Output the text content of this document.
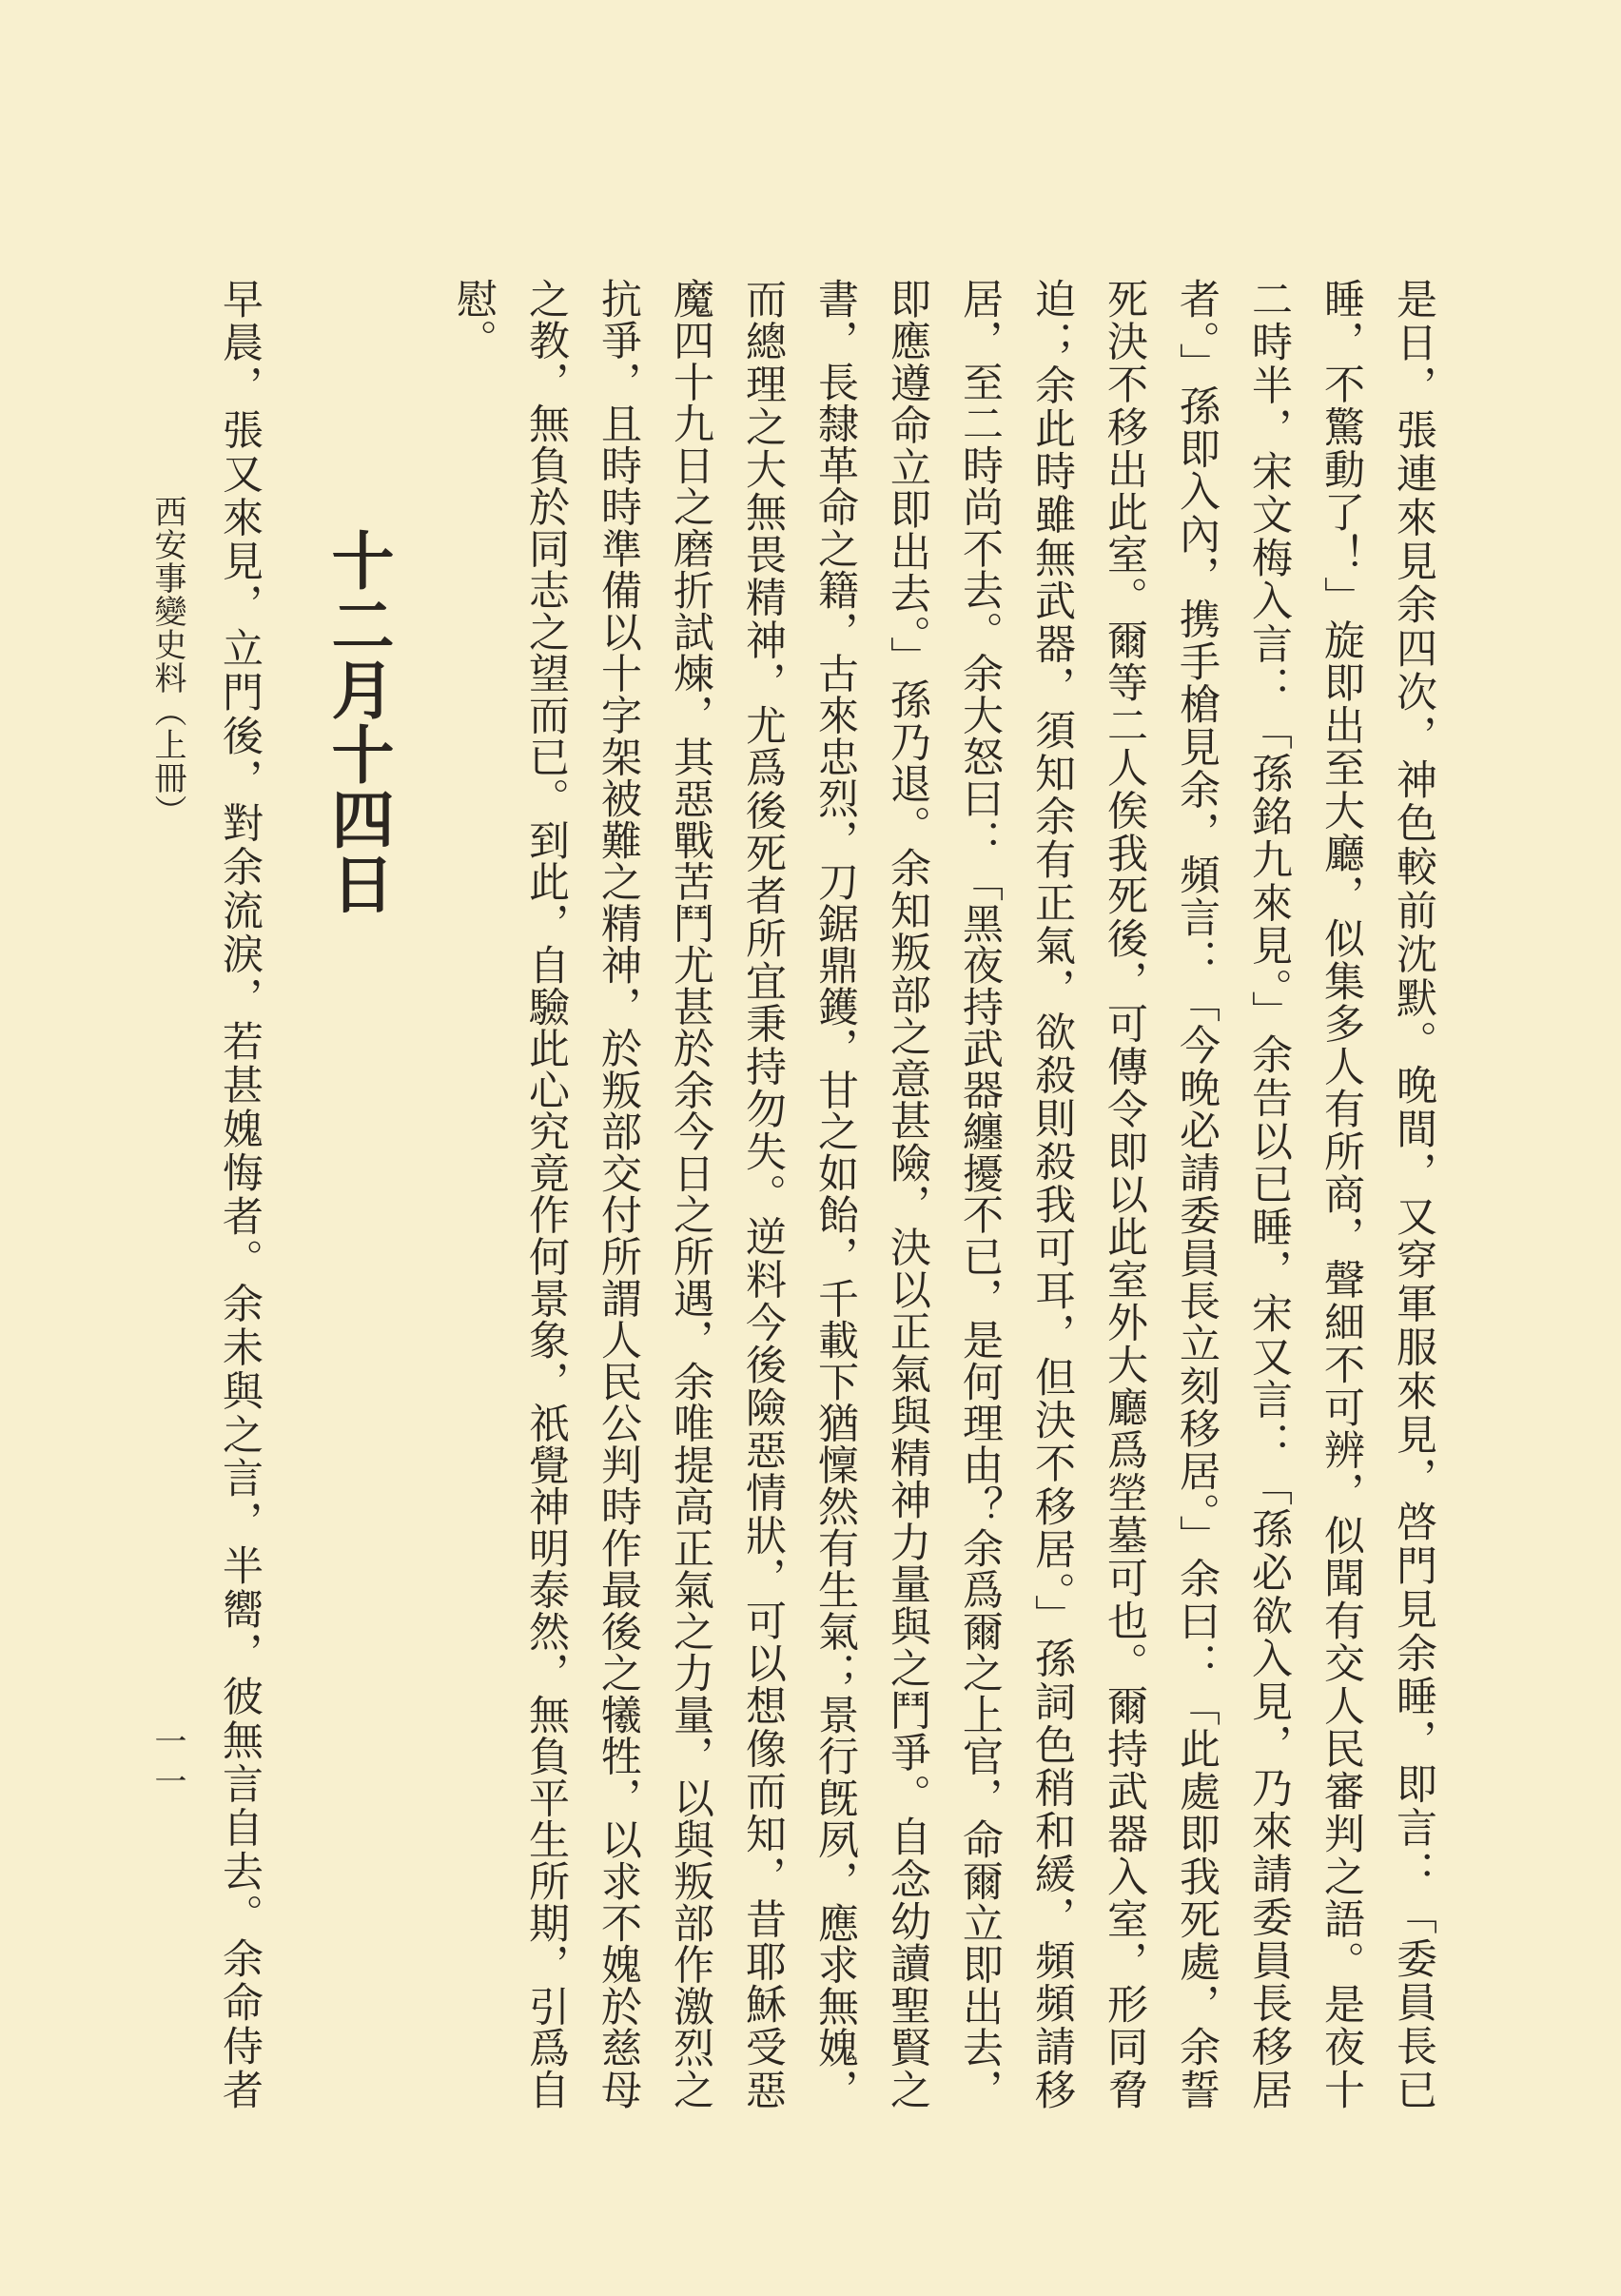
是日，張連來見余四次，神色較前沈默。晚間，又穿軍服來見，啓門見余睡，即言：「委員長已
睡，不驚動了！」旋即出至大廳，似集多人有所商，聲細不可辨，似聞有交人民審判之語。是夜十
二時半，宋文梅入言：「孫銘九來見。」余告以已睡，宋又言：「孫必欲入見，乃來請委員長移居
者。」孫即入內，携手槍見余，頻言：「今晚必請委員長立刻移居。」余曰：「此處即我死處，余誓
死決不移出此室。爾等二人俟我死後，可傳令即以此室外大廳爲塋墓可也。爾持武器入室，形同脅
迫；余此時雖無武器，須知余有正氣，欲殺則殺我可耳，但決不移居。」孫詞色稍和緩，頻頻請移
居，至二時尚不去。余大怒曰：「黑夜持武器纏擾不已，是何理由？余爲爾之上官，命爾立即出去，
即應遵命立即出去。」孫乃退。余知叛部之意甚險，決以正氣與精神力量與之鬥爭。自念幼讀聖賢之
書，長隸革命之籍，古來忠烈，刀鋸鼎鑊，甘之如飴，千載下猶懍然有生氣；景行旣夙，應求無媿，
而總理之大無畏精神，尤爲後死者所宜秉持勿失。逆料今後險惡情狀，可以想像而知，昔耶穌受惡
魔四十九日之磨折試煉，其惡戰苦鬥尤甚於余今日之所遇，余唯提高正氣之力量，以與叛部作激烈之
抗爭，且時時準備以十字架被難之精神，於叛部交付所謂人民公判時作最後之犧牲，以求不媿於慈母
之教，無負於同志之望而已。到此，自驗此心究竟作何景象，祇覺神明泰然，無負平生所期，引爲自
慰。
十二月十四日
早晨，張又來見，立門後，對余流淚，若甚媿悔者。余未與之言，半嚮，彼無言自去。余命侍者
西安事變史料（上冊）
一一
